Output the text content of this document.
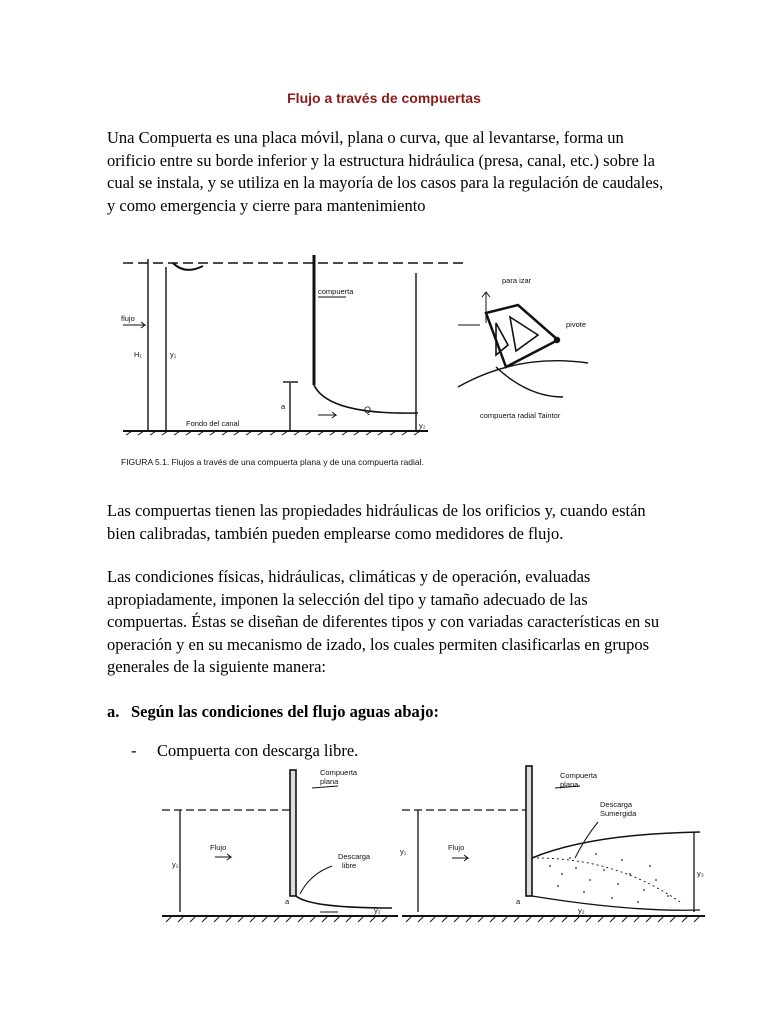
Flujo a través de compuertas

Una Compuerta es una placa móvil, plana o curva, que al levantarse, forma un orificio entre su borde inferior y la estructura hidráulica (presa, canal, etc.) sobre la cual se instala, y se utiliza en la mayoría de los casos para la regulación de caudales, y como emergencia y cierre para mantenimiento

flujo
compuerta
Fondo del canal
y₁
H₁
a	Q
y₂
para izar
pivote
compuerta radial Taintor
FIGURA 5.1. Flujos a través de una compuerta plana y de una compuerta radial.

Las compuertas tienen las propiedades hidráulicas de los orificios y, cuando están bien calibradas, también pueden emplearse como medidores de flujo.

Las condiciones físicas, hidráulicas, climáticas y de operación, evaluadas apropiadamente, imponen la selección del tipo y tamaño adecuado de las compuertas. Éstas se diseñan de diferentes tipos y con variadas características en su operación y en su mecanismo de izado, los cuales permiten clasificarlas en grupos generales de la siguiente manera:

a. Según las condiciones del flujo aguas abajo:
- Compuerta con descarga libre.
Compuerta
plana
Descarga
libre
Flujo
y₁
a
y₂
Compuerta
plana
Descarga
Sumergida
Flujo
y₁
a
y₂
y₃
